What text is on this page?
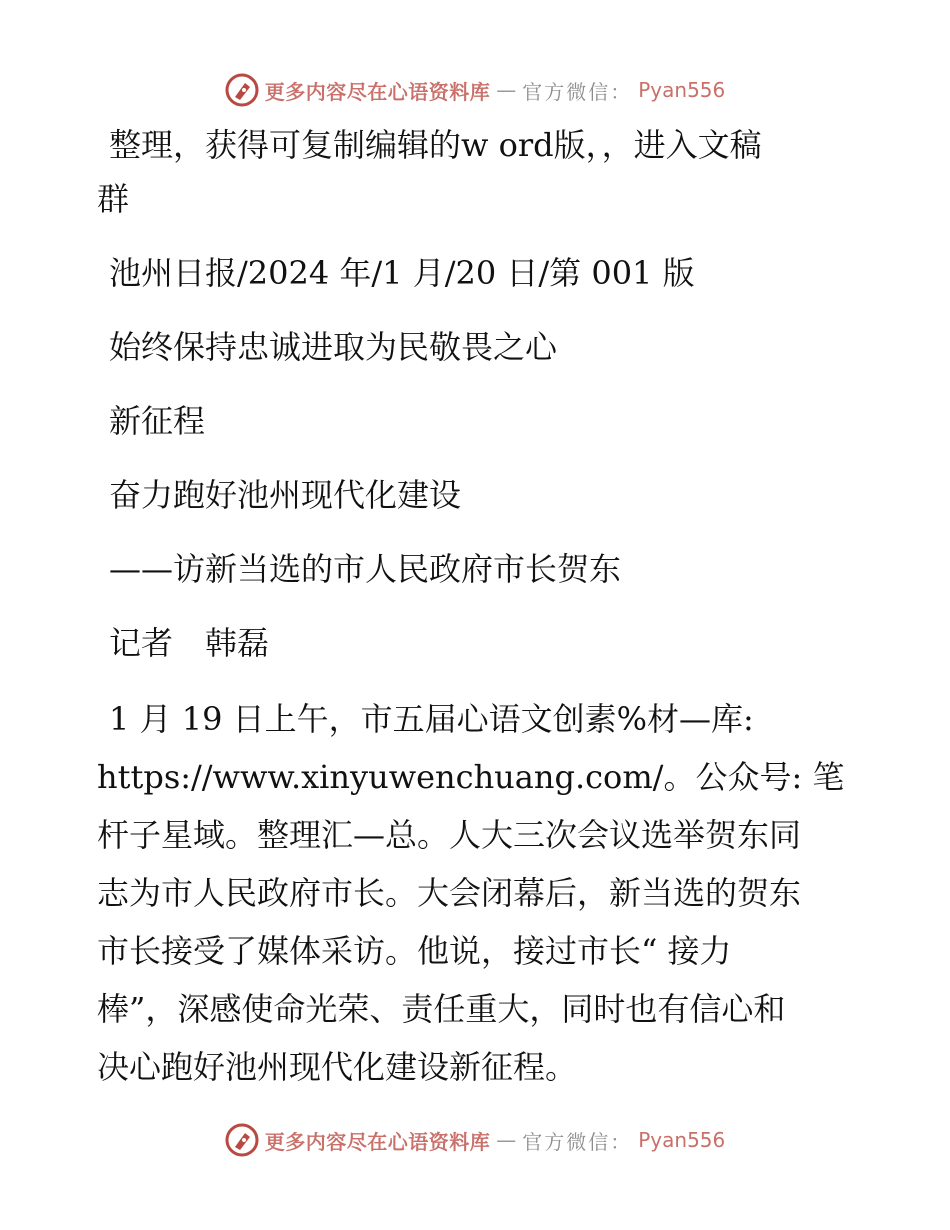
更多内容尽在心语资料库 — 官方微信： Pyan556

整理，获得可复制编辑的w ord版，，进入文稿

群

池州日报/2024 年/1 月/20 日/第 001 版

始终保持忠诚进取为民敬畏之心

新征程

奋力跑好池州现代化建设

——访新当选的市人民政府市长贺东

记者　韩磊

1 月 19 日上午，市五届心语文创素%材—库:

https://www.xinyuwenchuang.com/。公众号: 笔

杆子星域。整理汇—总。人大三次会议选举贺东同

志为市人民政府市长。大会闭幕后，新当选的贺东

市长接受了媒体采访。他说，接过市长“ 接力

棒”，深感使命光荣、责任重大，同时也有信心和

决心跑好池州现代化建设新征程。

更多内容尽在心语资料库 — 官方微信： Pyan556
